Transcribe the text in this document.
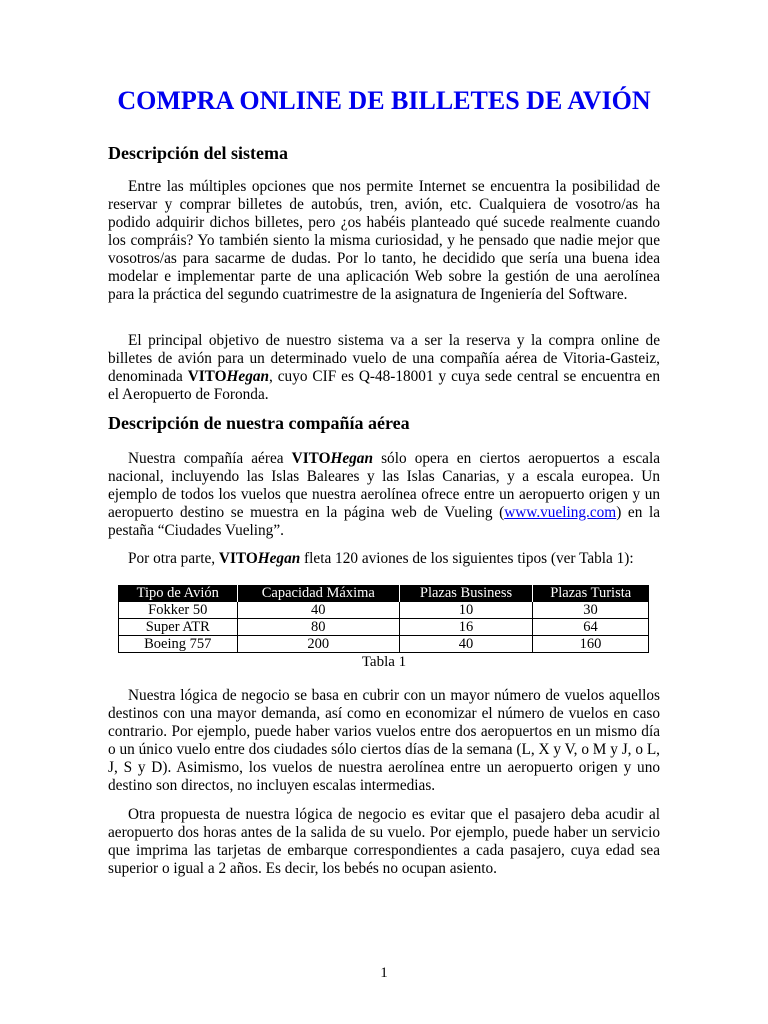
COMPRA ONLINE DE BILLETES DE AVIÓN
Descripción del sistema

Entre las múltiples opciones que nos permite Internet se encuentra la posibilidad de reservar y comprar billetes de autobús, tren, avión, etc. Cualquiera de vosotro/as ha podido adquirir dichos billetes, pero ¿os habéis planteado qué sucede realmente cuando los compráis? Yo también siento la misma curiosidad, y he pensado que nadie mejor que vosotros/as para sacarme de dudas. Por lo tanto, he decidido que sería una buena idea modelar e implementar parte de una aplicación Web sobre la gestión de una aerolínea para la práctica del segundo cuatrimestre de la asignatura de Ingeniería del Software.

El principal objetivo de nuestro sistema va a ser la reserva y la compra online de billetes de avión para un determinado vuelo de una compañía aérea de Vitoria-Gasteiz, denominada VITOHegan, cuyo CIF es Q-48-18001 y cuya sede central se encuentra en el Aeropuerto de Foronda.

Descripción de nuestra compañía aérea

Nuestra compañía aérea VITOHegan sólo opera en ciertos aeropuertos a escala nacional, incluyendo las Islas Baleares y las Islas Canarias, y a escala europea. Un ejemplo de todos los vuelos que nuestra aerolínea ofrece entre un aeropuerto origen y un aeropuerto destino se muestra en la página web de Vueling (www.vueling.com) en la pestaña “Ciudades Vueling”.

Por otra parte, VITOHegan fleta 120 aviones de los siguientes tipos (ver Tabla 1):

Tipo de Avión	Capacidad Máxima	Plazas Business	Plazas Turista
Fokker 50	40	10	30
Super ATR	80	16	64
Boeing 757	200	40	160

Tabla 1

Nuestra lógica de negocio se basa en cubrir con un mayor número de vuelos aquellos destinos con una mayor demanda, así como en economizar el número de vuelos en caso contrario. Por ejemplo, puede haber varios vuelos entre dos aeropuertos en un mismo día o un único vuelo entre dos ciudades sólo ciertos días de la semana (L, X y V, o M y J, o L, J, S y D). Asimismo, los vuelos de nuestra aerolínea entre un aeropuerto origen y uno destino son directos, no incluyen escalas intermedias.

Otra propuesta de nuestra lógica de negocio es evitar que el pasajero deba acudir al aeropuerto dos horas antes de la salida de su vuelo. Por ejemplo, puede haber un servicio que imprima las tarjetas de embarque correspondientes a cada pasajero, cuya edad sea superior o igual a 2 años. Es decir, los bebés no ocupan asiento.

1
